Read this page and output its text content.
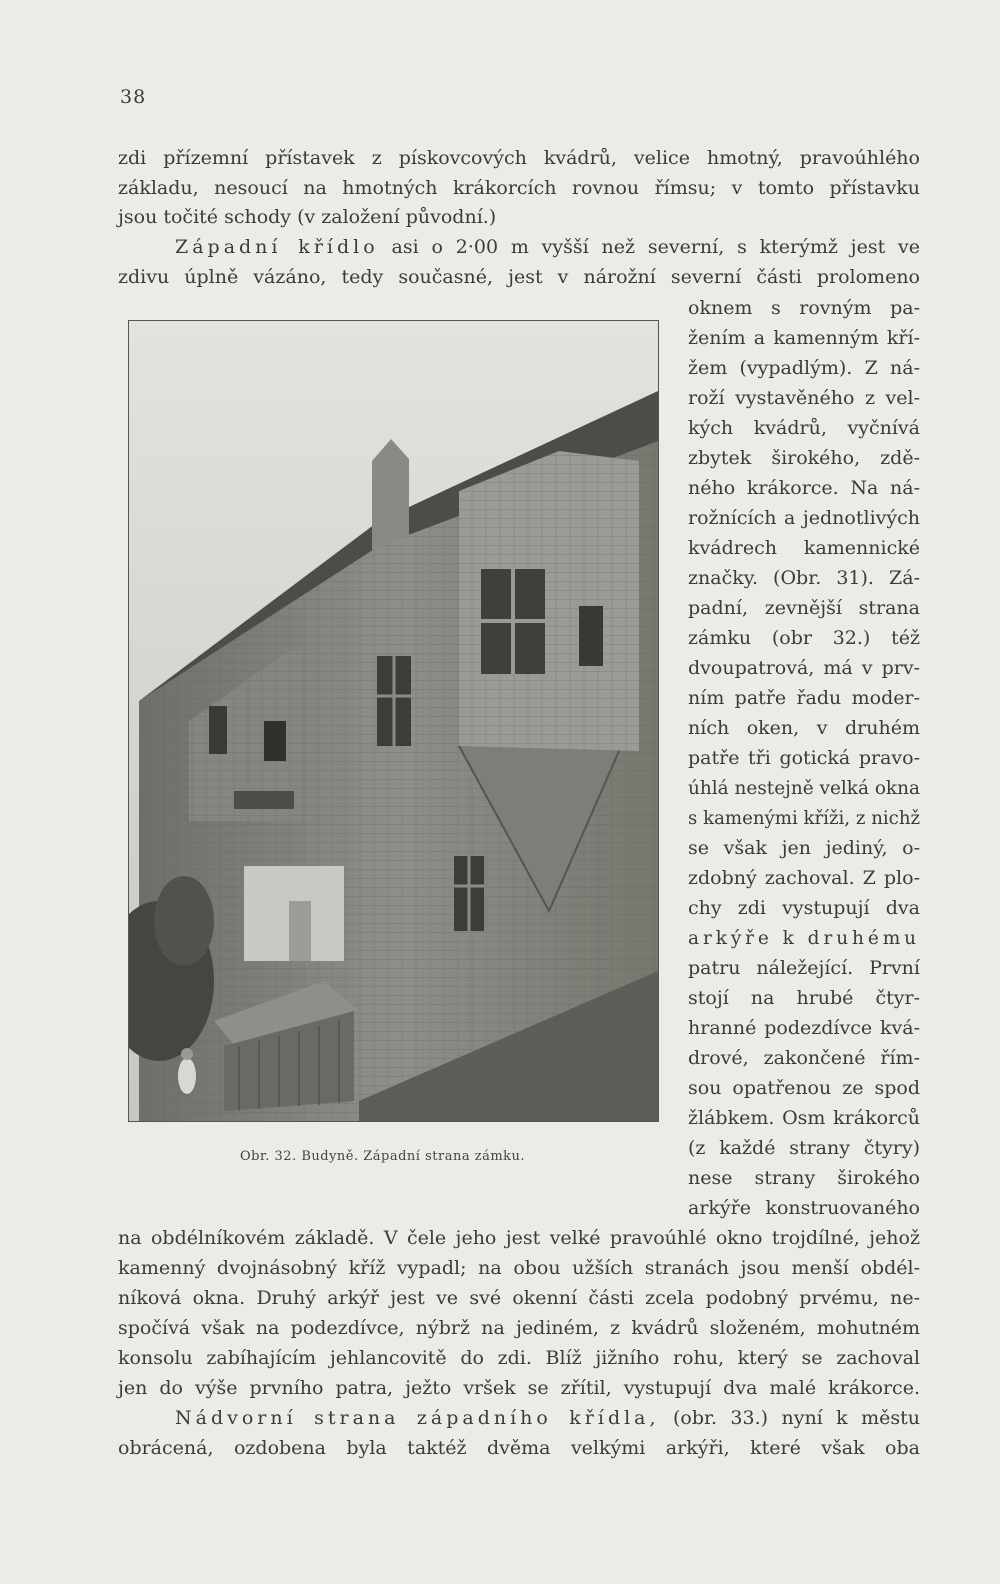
38
zdi přízemní přístavek z pískovcových kvádrů, velice hmotný, pravoúhlého
základu, nesoucí na hmotných krákorcích rovnou římsu; v tomto přístavku
jsou točité schody (v založení původní.)
Západní křídlo asi o 2·00 m vyšší než severní, s kterýmž jest ve
zdivu úplně vázáno, tedy současné, jest v nárožní severní části prolomeno
Obr. 32. Budyně. Západní strana zámku.
oknem s rovným pa-
žením a kamenným kří-
žem (vypadlým). Z ná-
roží vystavěného z vel-
kých kvádrů, vyčnívá
zbytek širokého, zdě-
ného krákorce. Na ná-
rožnících a jednotlivých
kvádrech kamennické
značky. (Obr. 31). Zá-
padní, zevnější strana
zámku (obr 32.) též
dvoupatrová, má v prv-
ním patře řadu moder-
ních oken, v druhém
patře tři gotická pravo-
úhlá nestejně velká okna
s kamenými kříži, z nichž
se však jen jediný, o-
zdobný zachoval. Z plo-
chy zdi vystupují dva
arkýře k druhému
patru náležející. První
stojí na hrubé čtyr-
hranné podezdívce kvá-
drové, zakončené řím-
sou opatřenou ze spod
žlábkem. Osm krákorců
(z každé strany čtyry)
nese strany širokého
arkýře konstruovaného
na obdélníkovém základě. V čele jeho jest velké pravoúhlé okno trojdílné, jehož
kamenný dvojnásobný kříž vypadl; na obou užších stranách jsou menší obdél-
níková okna. Druhý arkýř jest ve své okenní části zcela podobný prvému, ne-
spočívá však na podezdívce, nýbrž na jediném, z kvádrů složeném, mohutném
konsolu zabíhajícím jehlancovitě do zdi. Blíž jižního rohu, který se zachoval
jen do výše prvního patra, ježto vršek se zřítil, vystupují dva malé krákorce.
Nádvorní strana západního křídla, (obr. 33.) nyní k městu
obrácená, ozdobena byla taktéž dvěma velkými arkýři, které však oba
